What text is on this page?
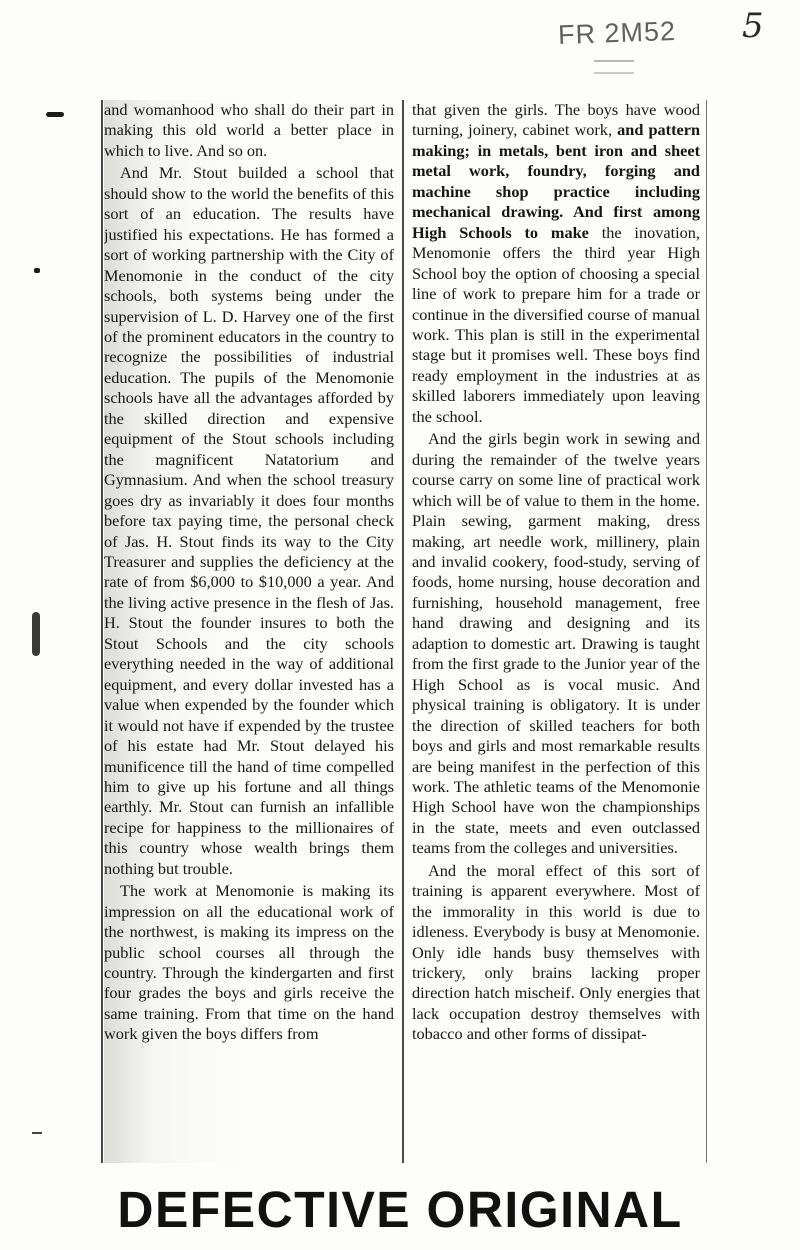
FR 2M52 5

and womanhood who shall do their part in making this old world a better place in which to live. And so on.

And Mr. Stout builded a school that should show to the world the benefits of this sort of an education. The results have justified his expectations. He has formed a sort of working partnership with the City of Menomonie in the conduct of the city schools, both systems being under the supervision of L. D. Harvey one of the first of the prominent educators in the country to recognize the possibilities of industrial education. The pupils of the Menomonie schools have all the advantages afforded by the skilled direction and expensive equipment of the Stout schools including the magnificent Natatorium and Gymnasium. And when the school treasury goes dry as invariably it does four months before tax paying time, the personal check of Jas. H. Stout finds its way to the City Treasurer and supplies the deficiency at the rate of from $6,000 to $10,000 a year. And the living active presence in the flesh of Jas. H. Stout the founder insures to both the Stout Schools and the city schools everything needed in the way of additional equipment, and every dollar invested has a value when expended by the founder which it would not have if expended by the trustee of his estate had Mr. Stout delayed his munificence till the hand of time compelled him to give up his fortune and all things earthly. Mr. Stout can furnish an infallible recipe for happiness to the millionaires of this country whose wealth brings them nothing but trouble.

The work at Menomonie is making its impression on all the educational work of the northwest, is making its impress on the public school courses all through the country. Through the kindergarten and first four grades the boys and girls receive the same training. From that time on the hand work given the boys differs from

that given the girls. The boys have wood turning, joinery, cabinet work, and pattern making; in metals, bent iron and sheet metal work, foundry, forging and machine shop practice including mechanical drawing. And first among High Schools to make the inovation, Menomonie offers the third year High School boy the option of choosing a special line of work to prepare him for a trade or continue in the diversified course of manual work. This plan is still in the experimental stage but it promises well. These boys find ready employment in the industries at as skilled laborers immediately upon leaving the school.

And the girls begin work in sewing and during the remainder of the twelve years course carry on some line of practical work which will be of value to them in the home. Plain sewing, garment making, dress making, art needle work, millinery, plain and invalid cookery, food-study, serving of foods, home nursing, house decoration and furnishing, household management, free hand drawing and designing and its adaption to domestic art. Drawing is taught from the first grade to the Junior year of the High School as is vocal music. And physical training is obligatory. It is under the direction of skilled teachers for both boys and girls and most remarkable results are being manifest in the perfection of this work. The athletic teams of the Menomonie High School have won the championships in the state, meets and even outclassed teams from the colleges and universities.

And the moral effect of this sort of training is apparent everywhere. Most of the immorality in this world is due to idleness. Everybody is busy at Menomonie. Only idle hands busy themselves with trickery, only brains lacking proper direction hatch mischeif. Only energies that lack occupation destroy themselves with tobacco and other forms of dissipat-

DEFECTIVE ORIGINAL
